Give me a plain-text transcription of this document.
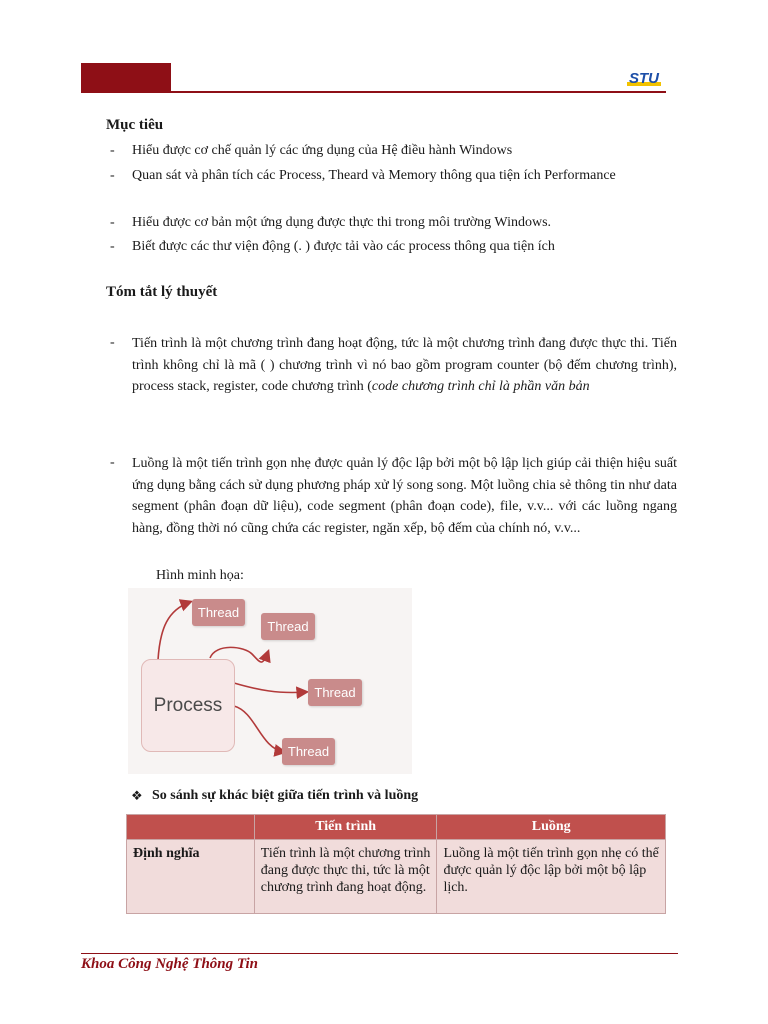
STU
Mục tiêu
- Hiểu được cơ chế quản lý các ứng dụng của Hệ điều hành Windows
- Quan sát và phân tích các Process, Theard và Memory thông qua tiện ích Performance
- Hiểu được cơ bản một ứng dụng được thực thi trong môi trường Windows.
- Biết được các thư viện động (. ) được tải vào các process thông qua tiện ích
Tóm tắt lý thuyết
- Tiến trình là một chương trình đang hoạt động, tức là một chương trình đang được thực thi. Tiến trình không chỉ là mã ( ) chương trình vì nó bao gồm program counter (bộ đếm chương trình), process stack, register, code chương trình (code chương trình chỉ là phần văn bản
- Luồng là một tiến trình gọn nhẹ được quản lý độc lập bởi một bộ lập lịch giúp cải thiện hiệu suất ứng dụng bằng cách sử dụng phương pháp xử lý song song. Một luồng chia sẻ thông tin như data segment (phân đoạn dữ liệu), code segment (phân đoạn code), file, v.v... với các luồng ngang hàng, đồng thời nó cũng chứa các register, ngăn xếp, bộ đếm của chính nó, v.v...
Hình minh họa:
Process
Thread
Thread
Thread
Thread
❖ So sánh sự khác biệt giữa tiến trình và luồng
	Tiến trình	Luồng
Định nghĩa	Tiến trình là một chương trình đang được thực thi, tức là một chương trình đang hoạt động.	Luồng là một tiến trình gọn nhẹ có thể được quản lý độc lập bởi một bộ lập lịch.
Khoa Công Nghệ Thông Tin
